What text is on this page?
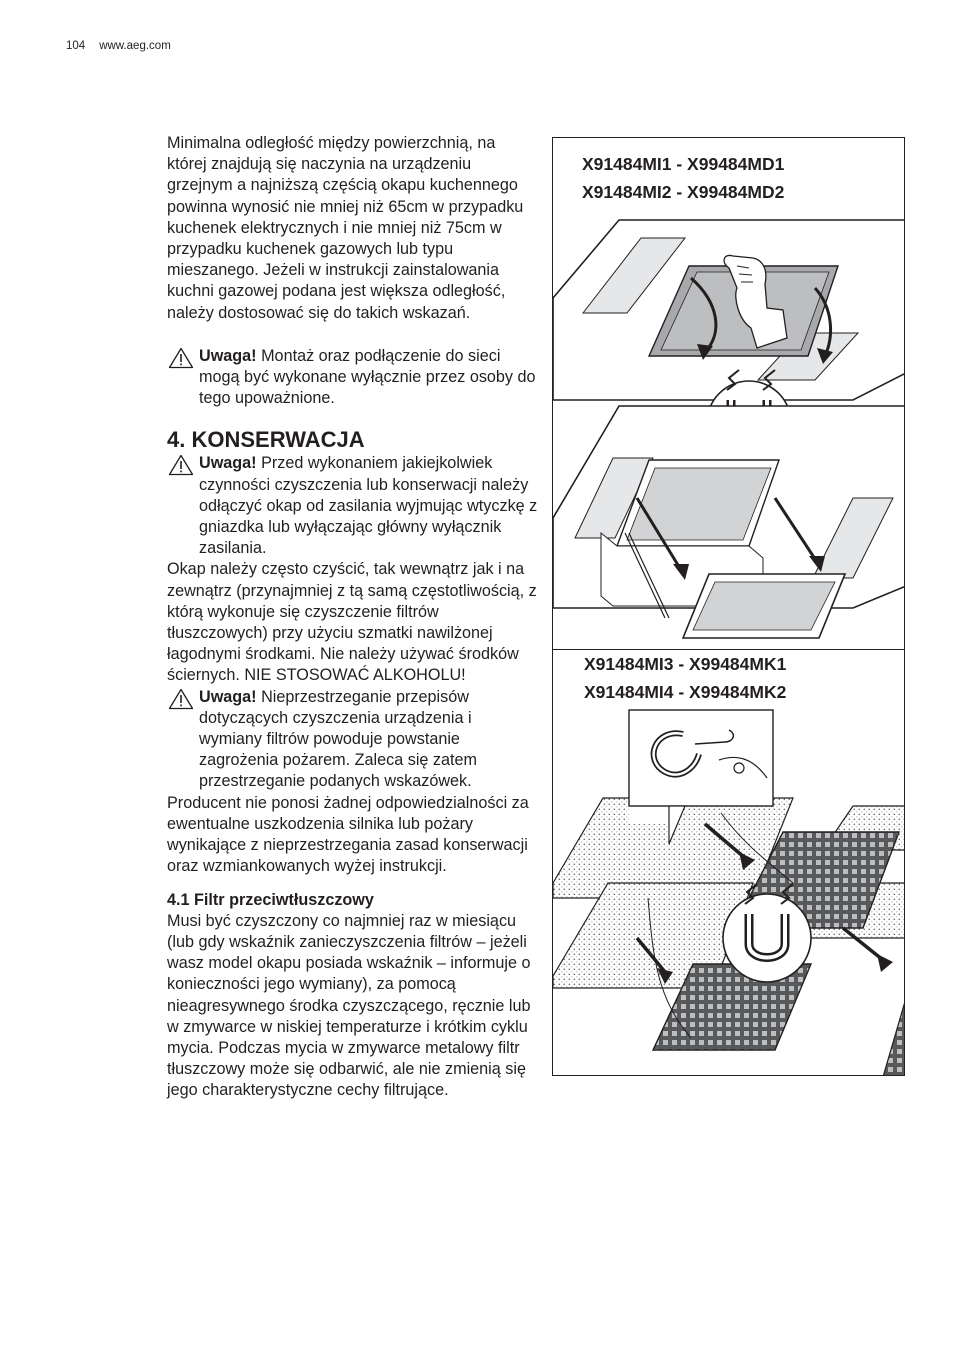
104 www.aeg.com

Minimalna odległość między powierzchnią, na której znajdują się naczynia na urządzeniu grzejnym a najniższą częścią okapu kuchennego powinna wynosić nie mniej niż 65cm w przypadku kuchenek elektrycznych i nie mniej niż 75cm w przypadku kuchenek gazowych lub typu mieszanego. Jeżeli w instrukcji zainstalowania kuchni gazowej podana jest większa odległość, należy dostosować się do takich wskazań.

Uwaga! Montaż oraz podłączenie do sieci mogą być wykonane wyłącznie przez osoby do tego upoważnione.
4. KONSERWACJA
Uwaga! Przed wykonaniem jakiejkolwiek czynności czyszczenia lub konserwacji należy odłączyć okap od zasilania wyjmując wtyczkę z gniazdka lub wyłączając główny wyłącznik zasilania.

Okap należy często czyścić, tak wewnątrz jak i na zewnątrz (przynajmniej z tą samą częstotliwością, z którą wykonuje się czyszczenie filtrów tłuszczowych) przy użyciu szmatki nawilżonej łagodnymi środkami. Nie należy używać środków ściernych. NIE STOSOWAĆ ALKOHOLU!

Uwaga! Nieprzestrzeganie przepisów dotyczących czyszczenia urządzenia i wymiany filtrów powoduje powstanie zagrożenia pożarem. Zaleca się zatem przestrzeganie podanych wskazówek.

Producent nie ponosi żadnej odpowiedzialności za ewentualne uszkodzenia silnika lub pożary wynikające z nieprzestrzegania zasad konserwacji oraz wzmiankowanych wyżej instrukcji.

4.1 Filtr przeciwtłuszczowy

Musi być czyszczony co najmniej raz w miesiącu (lub gdy wskaźnik zanieczyszczenia filtrów – jeżeli wasz model okapu posiada wskaźnik – informuje o konieczności jego wymiany), za pomocą nieagresywnego środka czyszczącego, ręcznie lub w zmywarce w niskiej temperaturze i krótkim cyklu mycia. Podczas mycia w zmywarce metalowy filtr tłuszczowy może się odbarwić, ale nie zmienią się jego charakterystyczne cechy filtrujące.

X91484MI1 - X99484MD1
X91484MI2 - X99484MD2
X91484MI3 - X99484MK1
X91484MI4 - X99484MK2
